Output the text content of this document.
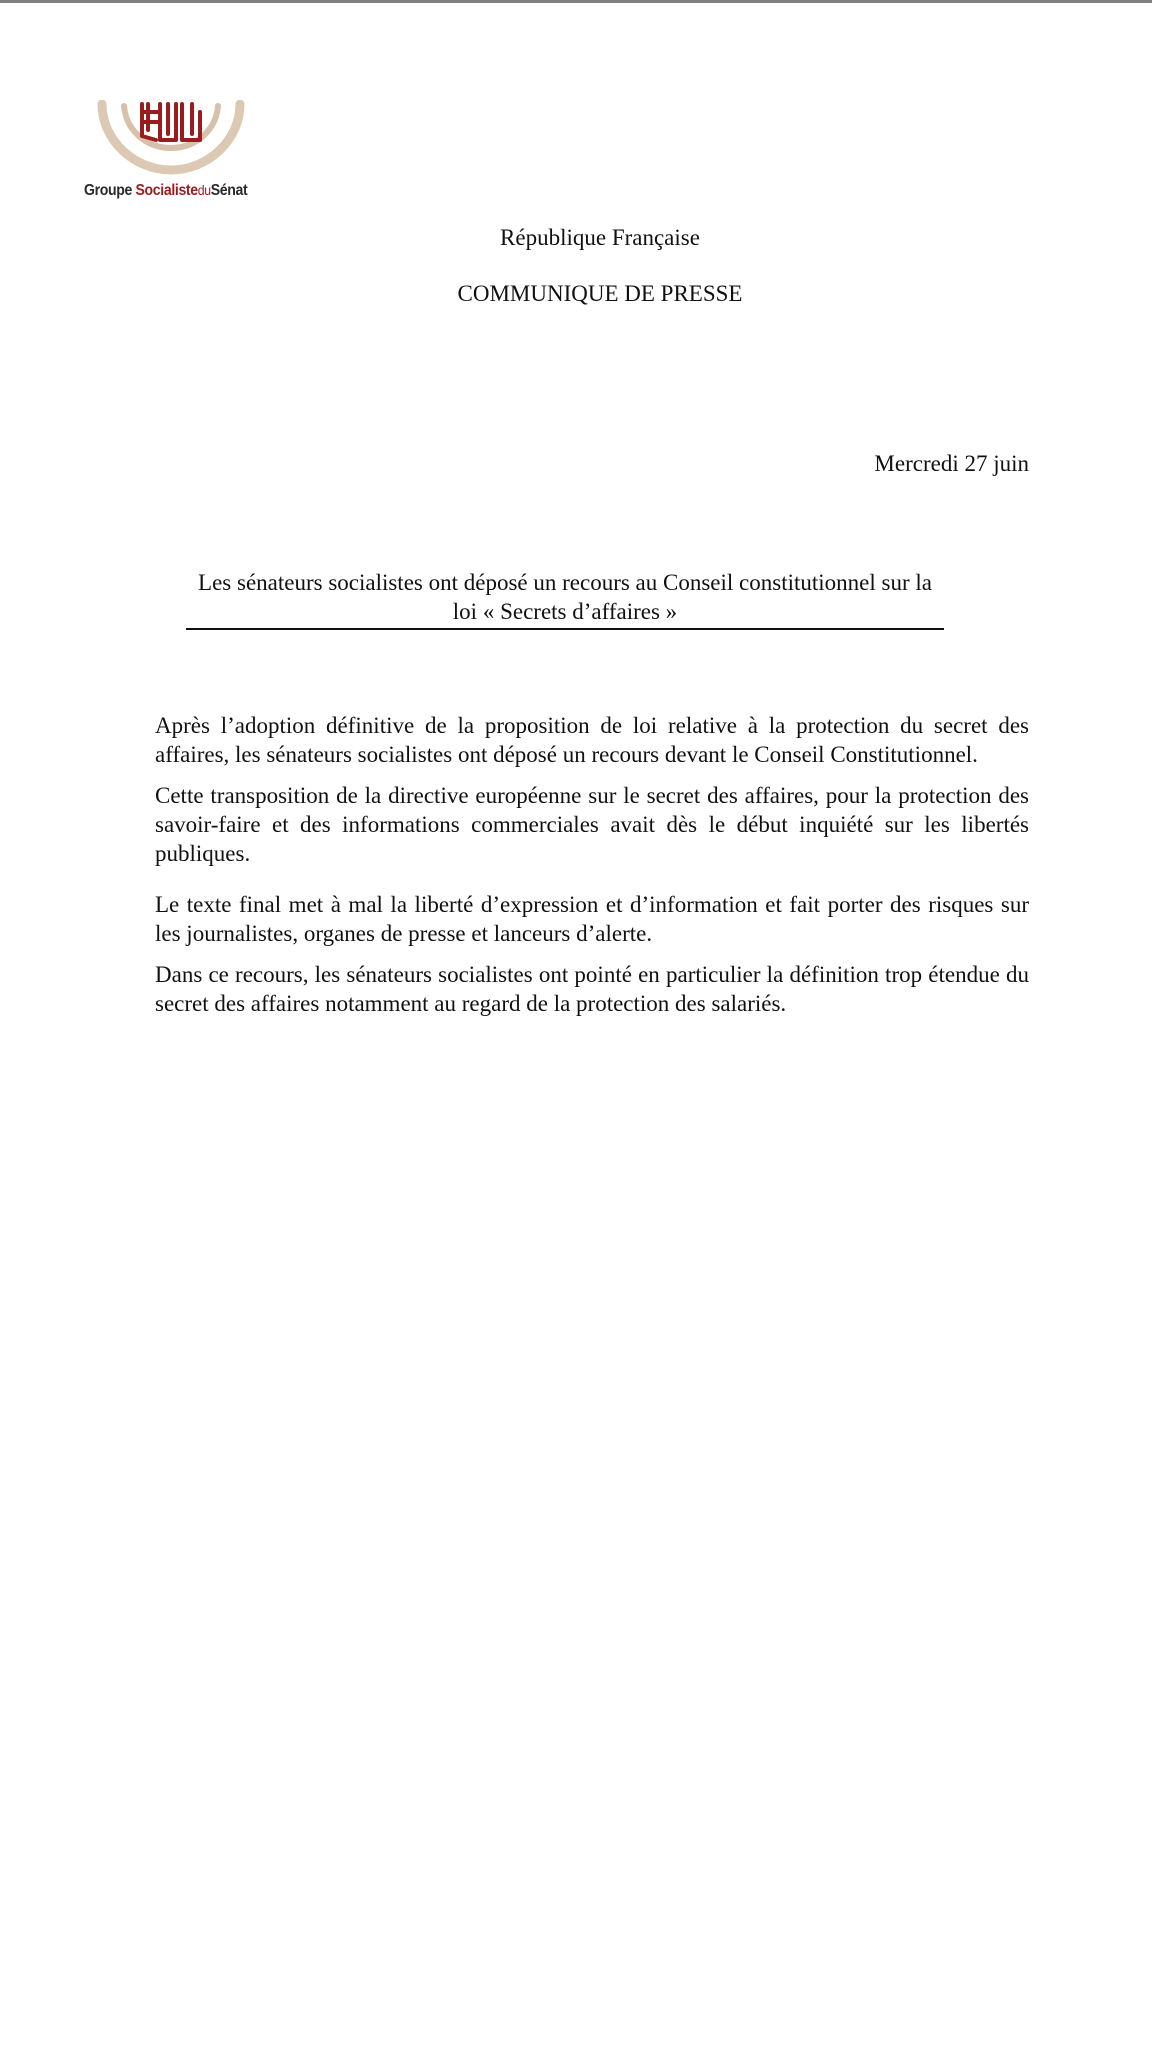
Groupe SocialisteduSénat
République Française
COMMUNIQUE DE PRESSE
Mercredi 27 juin
Les sénateurs socialistes ont déposé un recours au Conseil constitutionnel sur la loi « Secrets d’affaires »

Après l’adoption définitive de la proposition de loi relative à la protection du secret des affaires, les sénateurs socialistes ont déposé un recours devant le Conseil Constitutionnel.

Cette transposition de la directive européenne sur le secret des affaires, pour la protection des savoir-faire et des informations commerciales avait dès le début inquiété sur les libertés publiques.

Le texte final met à mal la liberté d’expression et d’information et fait porter des risques sur les journalistes, organes de presse et lanceurs d’alerte.

Dans ce recours, les sénateurs socialistes ont pointé en particulier la définition trop étendue du secret des affaires notamment au regard de la protection des salariés.
